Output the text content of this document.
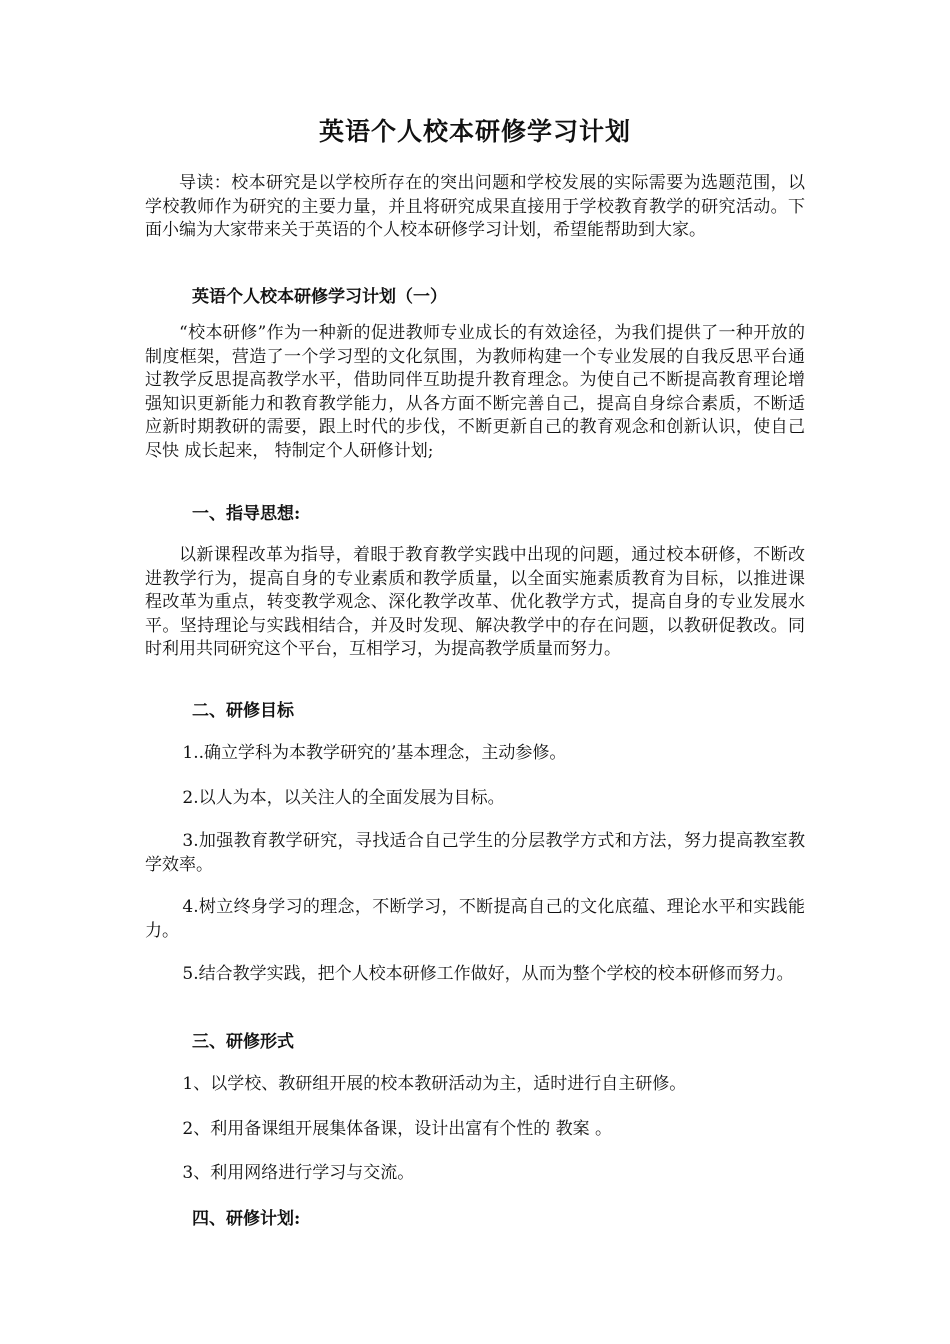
英语个人校本研修学习计划

导读：校本研究是以学校所存在的突出问题和学校发展的实际需要为选题范围，以学校教师作为研究的主要力量，并且将研究成果直接用于学校教育教学的研究活动。下面小编为大家带来关于英语的个人校本研修学习计划，希望能帮助到大家。

英语个人校本研修学习计划（一）

“校本研修”作为一种新的促进教师专业成长的有效途径，为我们提供了一种开放的制度框架，营造了一个学习型的文化氛围，为教师构建一个专业发展的自我反思平台通过教学反思提高教学水平，借助同伴互助提升教育理念。为使自己不断提高教育理论增强知识更新能力和教育教学能力，从各方面不断完善自己，提高自身综合素质，不断适应新时期教研的需要，跟上时代的步伐，不断更新自己的教育观念和创新认识，使自己尽快 成长起来， 特制定个人研修计划;

一、指导思想:

以新课程改革为指导，着眼于教育教学实践中出现的问题，通过校本研修，不断改进教学行为，提高自身的专业素质和教学质量，以全面实施素质教育为目标，以推进课程改革为重点，转变教学观念、深化教学改革、优化教学方式，提高自身的专业发展水平。坚持理论与实践相结合，并及时发现、解决教学中的存在问题，以教研促教改。同时利用共同研究这个平台，互相学习，为提高教学质量而努力。

二、研修目标

1..确立学科为本教学研究的’基本理念，主动参修。

2.以人为本，以关注人的全面发展为目标。

3.加强教育教学研究，寻找适合自己学生的分层教学方式和方法，努力提高教室教学效率。

4.树立终身学习的理念，不断学习，不断提高自己的文化底蕴、理论水平和实践能力。

5.结合教学实践，把个人校本研修工作做好，从而为整个学校的校本研修而努力。

三、研修形式

1、以学校、教研组开展的校本教研活动为主，适时进行自主研修。

2、利用备课组开展集体备课，设计出富有个性的 教案 。

3、利用网络进行学习与交流。

四、研修计划:
